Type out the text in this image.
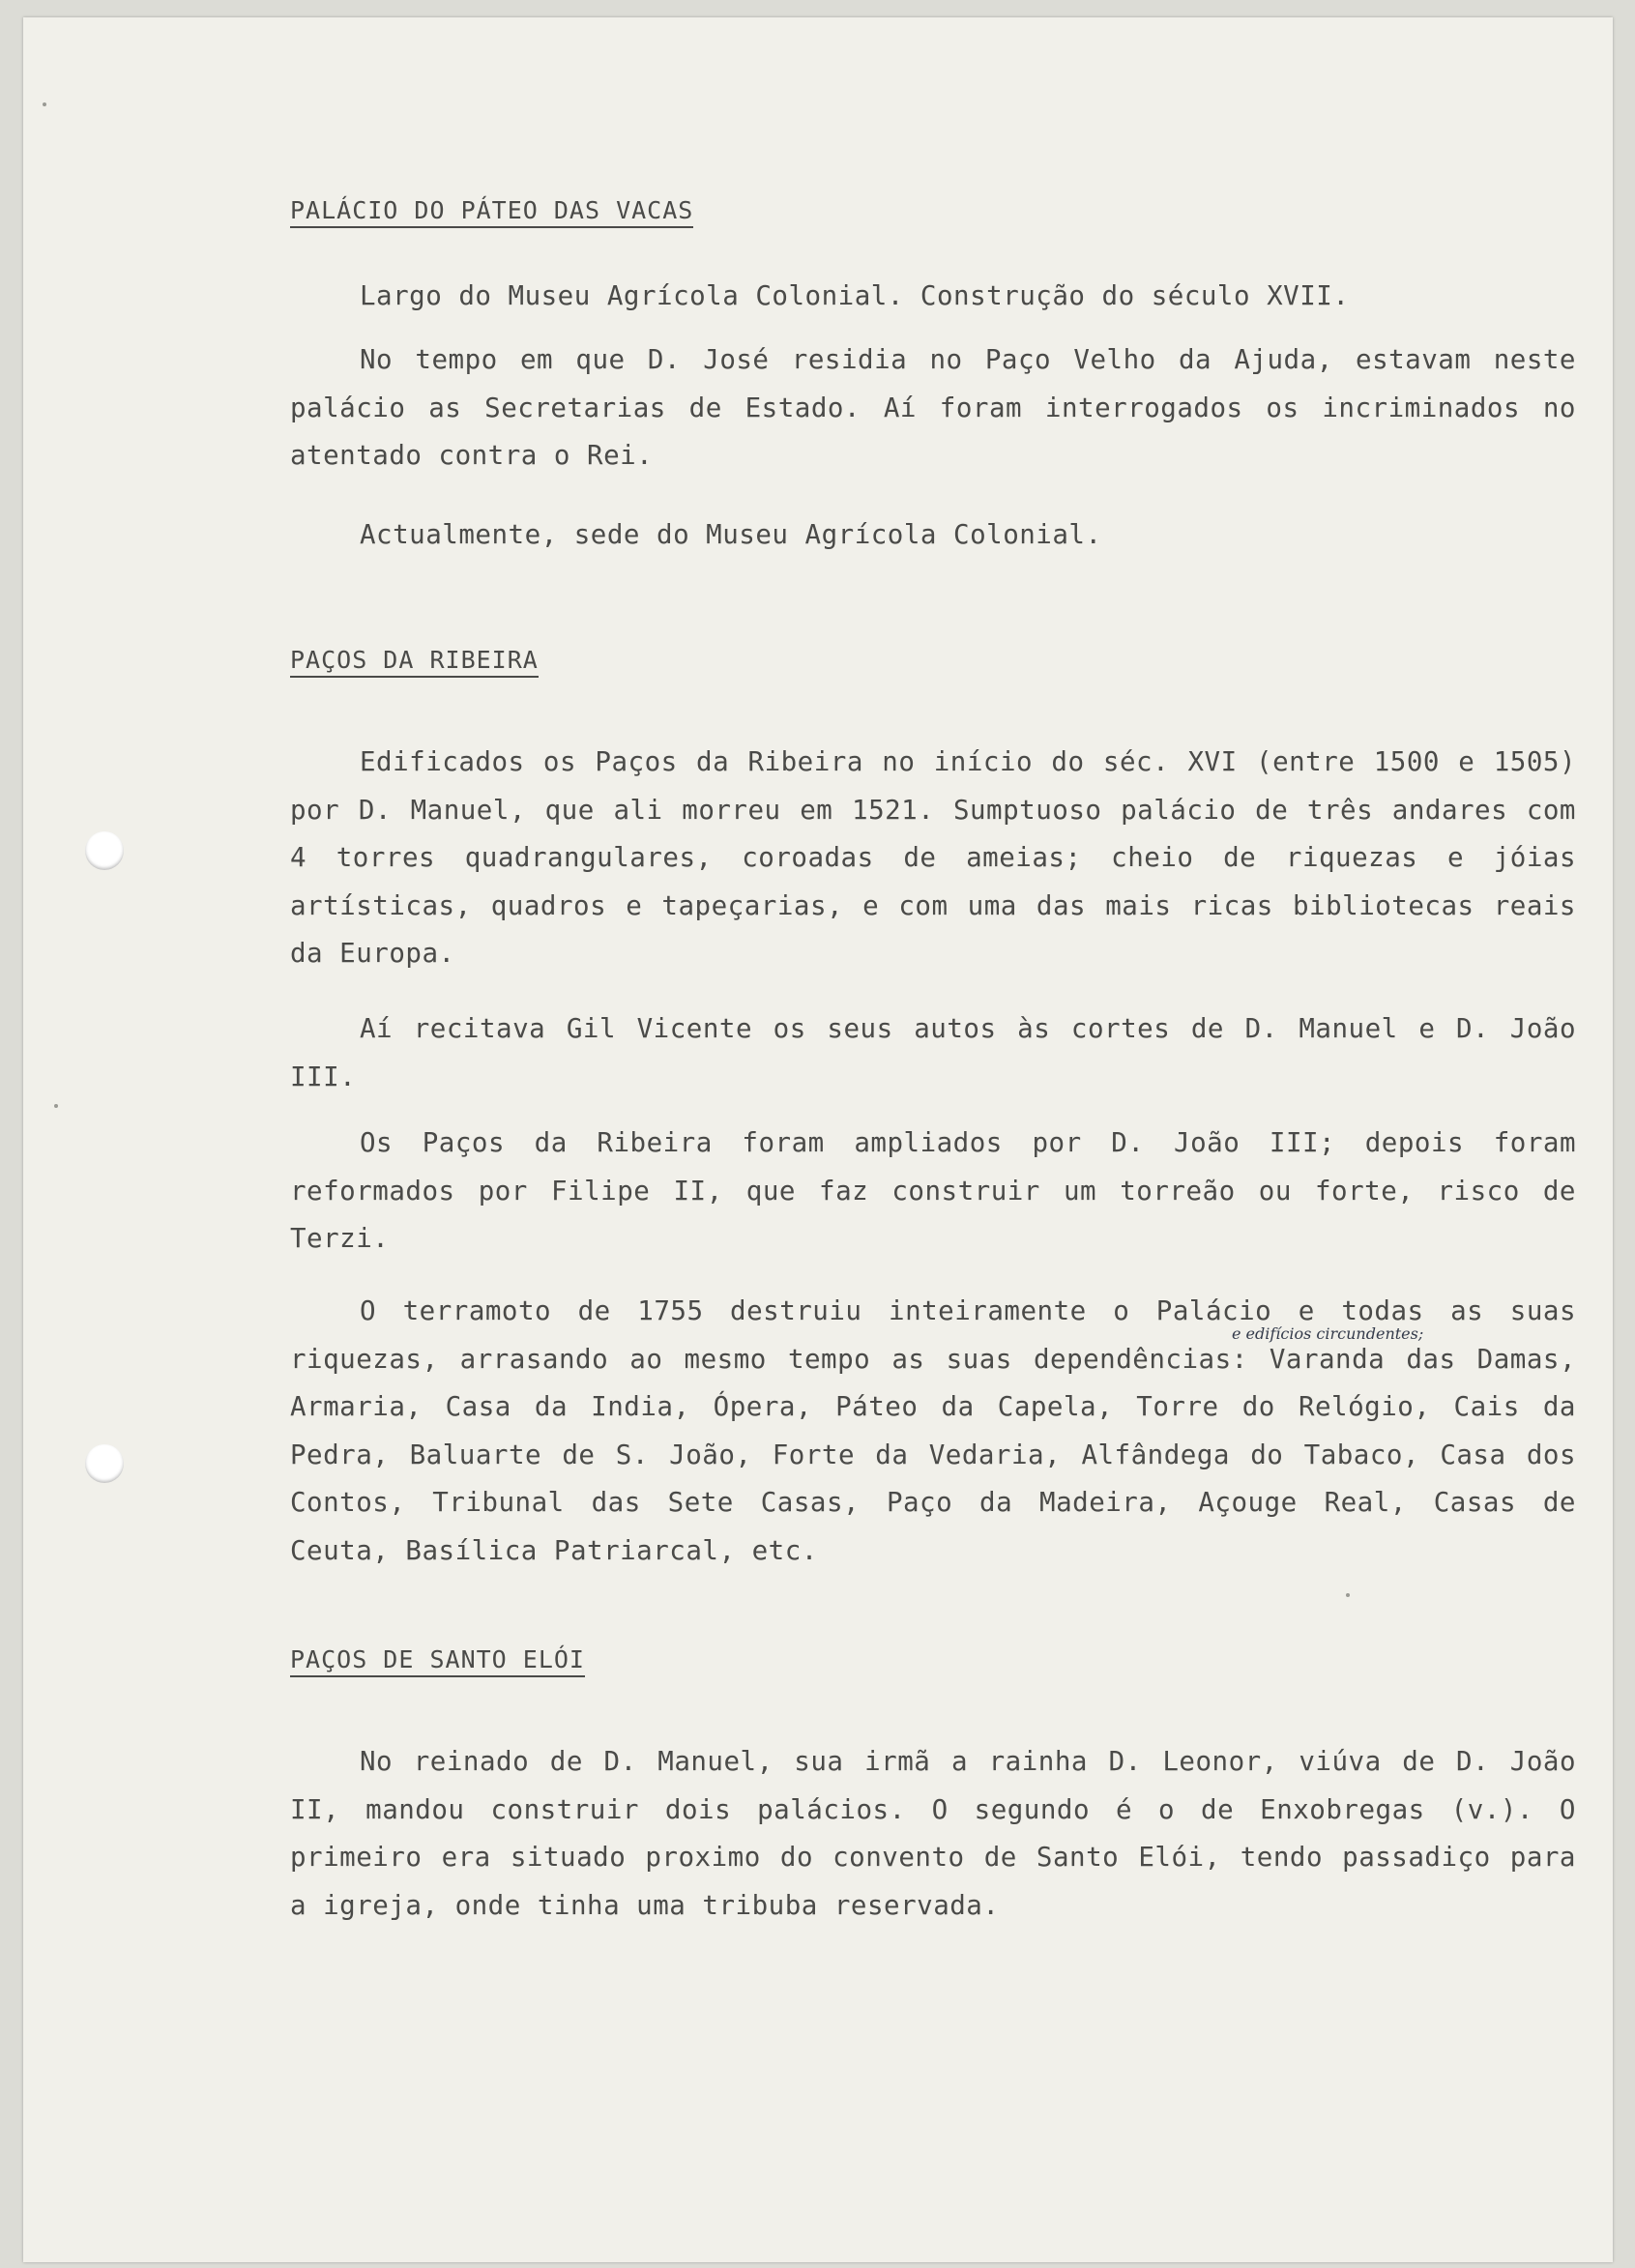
PALÁCIO DO PÁTEO DAS VACAS

Largo do Museu Agrícola Colonial. Construção do século XVII.

No tempo em que D. José residia no Paço Velho da Ajuda, estavam neste palácio as Secretarias de Estado. Aí foram interrogados os incriminados no atentado contra o Rei.

Actualmente, sede do Museu Agrícola Colonial.

PAÇOS DA RIBEIRA

Edificados os Paços da Ribeira no início do séc. XVI (entre 1500 e 1505) por D. Manuel, que ali morreu em 1521. Sumptuoso palácio de três andares com 4 torres quadrangulares, coroadas de ameias; cheio de riquezas e jóias artísticas, quadros e tapeçarias, e com uma das mais ricas bibliotecas reais da Europa.

Aí recitava Gil Vicente os seus autos às cortes de D. Manuel e D. João III.

Os Paços da Ribeira foram ampliados por D. João III; depois foram reformados por Filipe II, que faz construir um torreão ou forte, risco de Terzi.

O terramoto de 1755 destruiu inteiramente o Palácio e todas as suas riquezas, arrasando ao mesmo tempo as suas dependências: Varanda das Damas, Armaria, Casa da India, Ópera, Páteo da Capela, Torre do Relógio, Cais da Pedra, Baluarte de S. João, Forte da Vedaria, Alfândega do Tabaco, Casa dos Contos, Tribunal das Sete Casas, Paço da Madeira, Açouge Real, Casas de Ceuta, Basílica Patriarcal, etc.

e edifícios circundentes;
PAÇOS DE SANTO ELÓI

No reinado de D. Manuel, sua irmã a rainha D. Leonor, viúva de D. João II, mandou construir dois palácios. O segundo é o de Enxobregas (v.). O primeiro era situado proximo do convento de Santo Elói, tendo passadiço para a igreja, onde tinha uma tribuba reservada.
